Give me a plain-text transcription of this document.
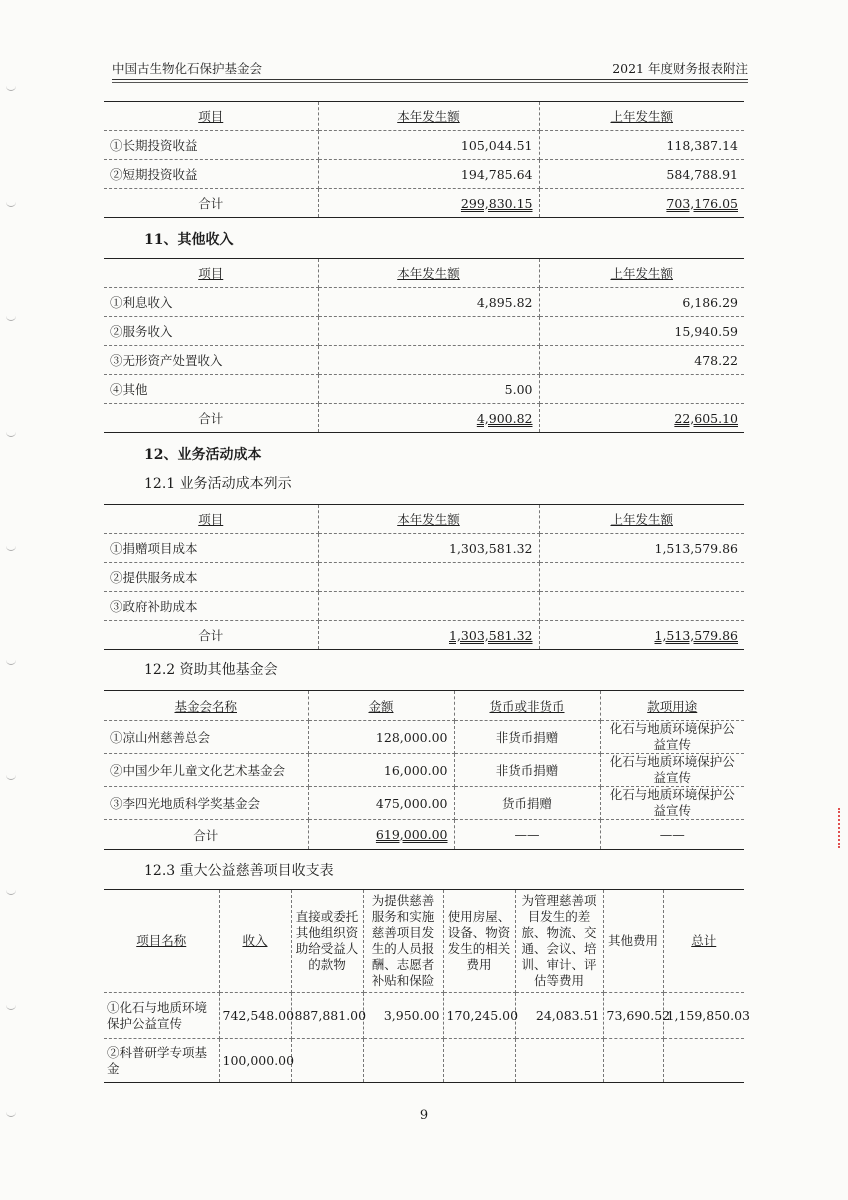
中国古生物化石保护基金会	2021 年度财务报表附注
项目	本年发生额	上年发生额
①长期投资收益	105,044.51	118,387.14
②短期投资收益	194,785.64	584,788.91
合计	299,830.15	703,176.05
11、其他收入
项目	本年发生额	上年发生额
①利息收入	4,895.82	6,186.29
②服务收入		15,940.59
③无形资产处置收入		478.22
④其他	5.00	
合计	4,900.82	22,605.10
12、业务活动成本
12.1 业务活动成本列示
项目	本年发生额	上年发生额
①捐赠项目成本	1,303,581.32	1,513,579.86
②提供服务成本		
③政府补助成本		
合计	1,303,581.32	1,513,579.86
12.2 资助其他基金会
基金会名称	金额	货币或非货币	款项用途
①凉山州慈善总会	128,000.00	非货币捐赠	化石与地质环境保护公益宣传
②中国少年儿童文化艺术基金会	16,000.00	非货币捐赠	化石与地质环境保护公益宣传
③李四光地质科学奖基金会	475,000.00	货币捐赠	化石与地质环境保护公益宣传
合计	619,000.00	——	——
12.3 重大公益慈善项目收支表
项目名称	收入	直接或委托其他组织资助给受益人的款物	为提供慈善服务和实施慈善项目发生的人员报酬、志愿者补贴和保险	使用房屋、设备、物资发生的相关费用	为管理慈善项目发生的差旅、物流、交通、会议、培训、审计、评估等费用	其他费用	总计
①化石与地质环境保护公益宣传	742,548.00	887,881.00	3,950.00	170,245.00	24,083.51	73,690.52	1,159,850.03
②科普研学专项基金	100,000.00						
9
